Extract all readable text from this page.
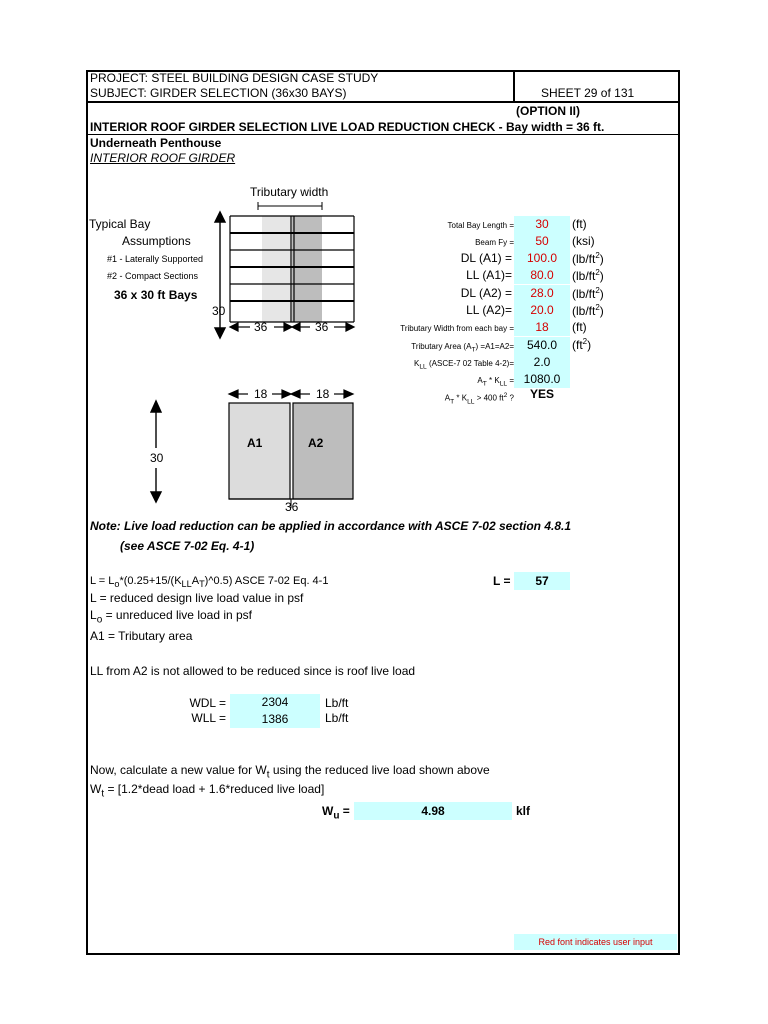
PROJECT: STEEL BUILDING DESIGN CASE STUDY
SUBJECT: GIRDER SELECTION (36x30 BAYS)	SHEET 29 of 131
(OPTION II)
INTERIOR ROOF GIRDER SELECTION LIVE LOAD REDUCTION CHECK - Bay width = 36 ft.
Underneath Penthouse
INTERIOR ROOF GIRDER
Tributary width
Typical Bay
Assumptions
#1 - Laterally Supported
#2 - Compact Sections
36 x 30 ft Bays
30
36	36
18	18
30
36
A1	A2
Total Bay Length =	30	(ft)
Beam Fy =	50	(ksi)
DL (A1) =	100.0	$(lb/ft^2)$
LL (A1)=	80.0	$(lb/ft^2)$
DL (A2) =	28.0	$(lb/ft^2)$
LL (A2)=	20.0	$(lb/ft^2)$
Tributary Width from each bay =	18	(ft)
Tributary Area $(A_T) =A1=A2=$	540.0	$(ft^2)$
$K_{LL}$ (ASCE-7 02 Table 4-2)=	2.0
$A_T * K_{LL} = 1080.0$
$A_T * K_{LL} > 400$ $ft^2$ ?	YES
Note: Live load reduction can be applied in accordance with ASCE 7-02 section 4.8.1
(see ASCE 7-02 Eq. 4-1)
$L = L_o*(0.25+15/(K_{LL}A_T)\^{}0.5)$ ASCE 7-02 Eq. 4-1	L =	57
L = reduced design live load value in psf
$L_o$ = unreduced live load in psf
A1 = Tributary area
LL from A2 is not allowed to be reduced since is roof live load
WDL =	2304	Lb/ft
WLL =	1386	Lb/ft
Now, calculate a new value for $W_t$ using the reduced live load shown above
$W_t$ = [1.2*dead load + 1.6*reduced live load]
$W_u$ =	4.98	klf
Red font indicates user input
